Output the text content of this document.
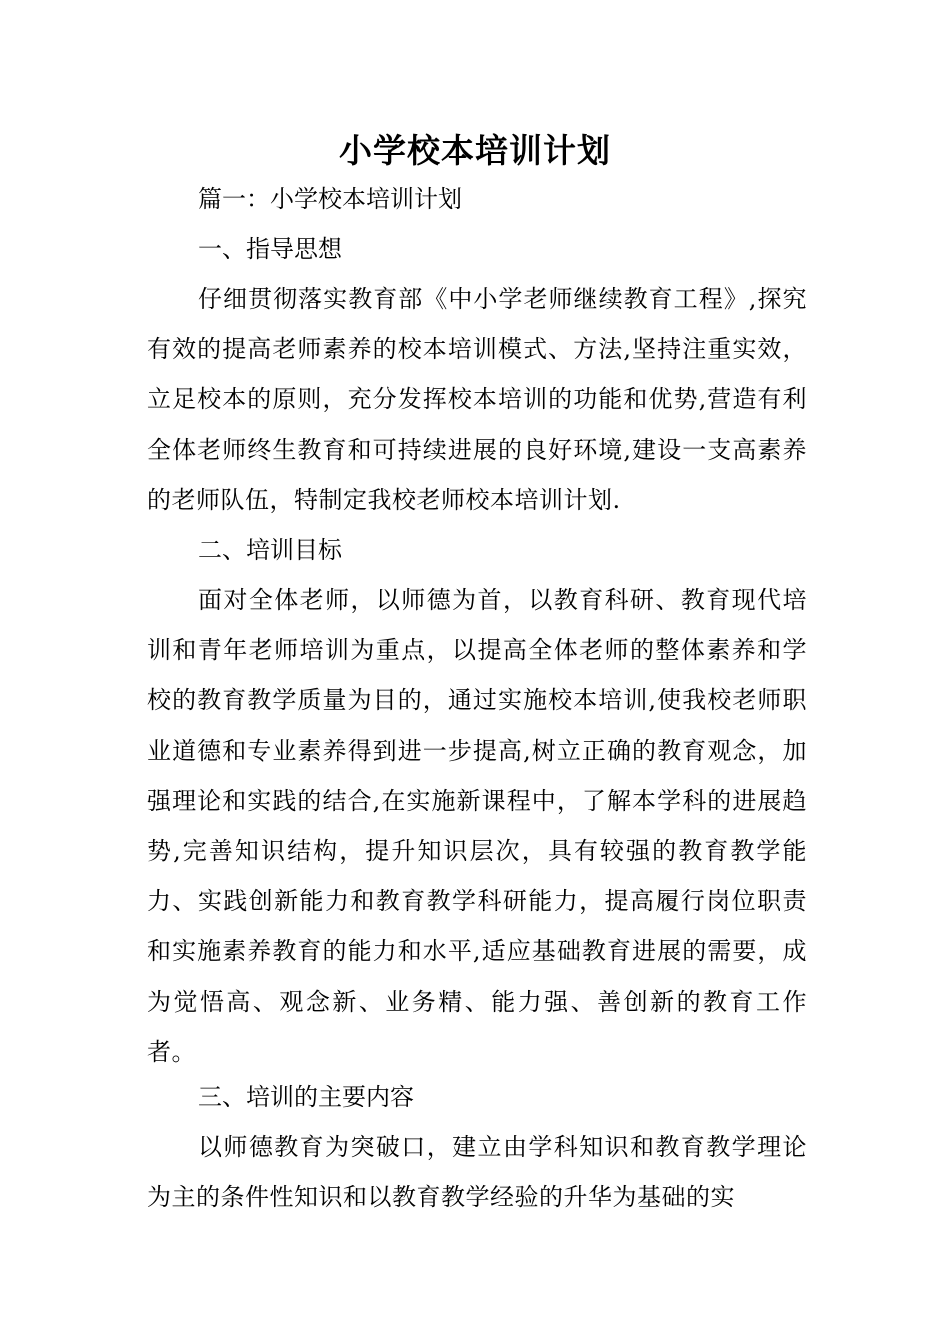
小学校本培训计划

篇一：小学校本培训计划

一、指导思想

仔细贯彻落实教育部《中小学老师继续教育工程》,探究有效的提高老师素养的校本培训模式、方法,坚持注重实效，立足校本的原则，充分发挥校本培训的功能和优势,营造有利全体老师终生教育和可持续进展的良好环境,建设一支高素养的老师队伍，特制定我校老师校本培训计划.

二、培训目标

面对全体老师，以师德为首，以教育科研、教育现代培训和青年老师培训为重点，以提高全体老师的整体素养和学校的教育教学质量为目的，通过实施校本培训,使我校老师职业道德和专业素养得到进一步提高,树立正确的教育观念，加强理论和实践的结合,在实施新课程中，了解本学科的进展趋势,完善知识结构，提升知识层次，具有较强的教育教学能力、实践创新能力和教育教学科研能力，提高履行岗位职责和实施素养教育的能力和水平,适应基础教育进展的需要，成为觉悟高、观念新、业务精、能力强、善创新的教育工作者。

三、培训的主要内容

以师德教育为突破口，建立由学科知识和教育教学理论为主的条件性知识和以教育教学经验的升华为基础的实
